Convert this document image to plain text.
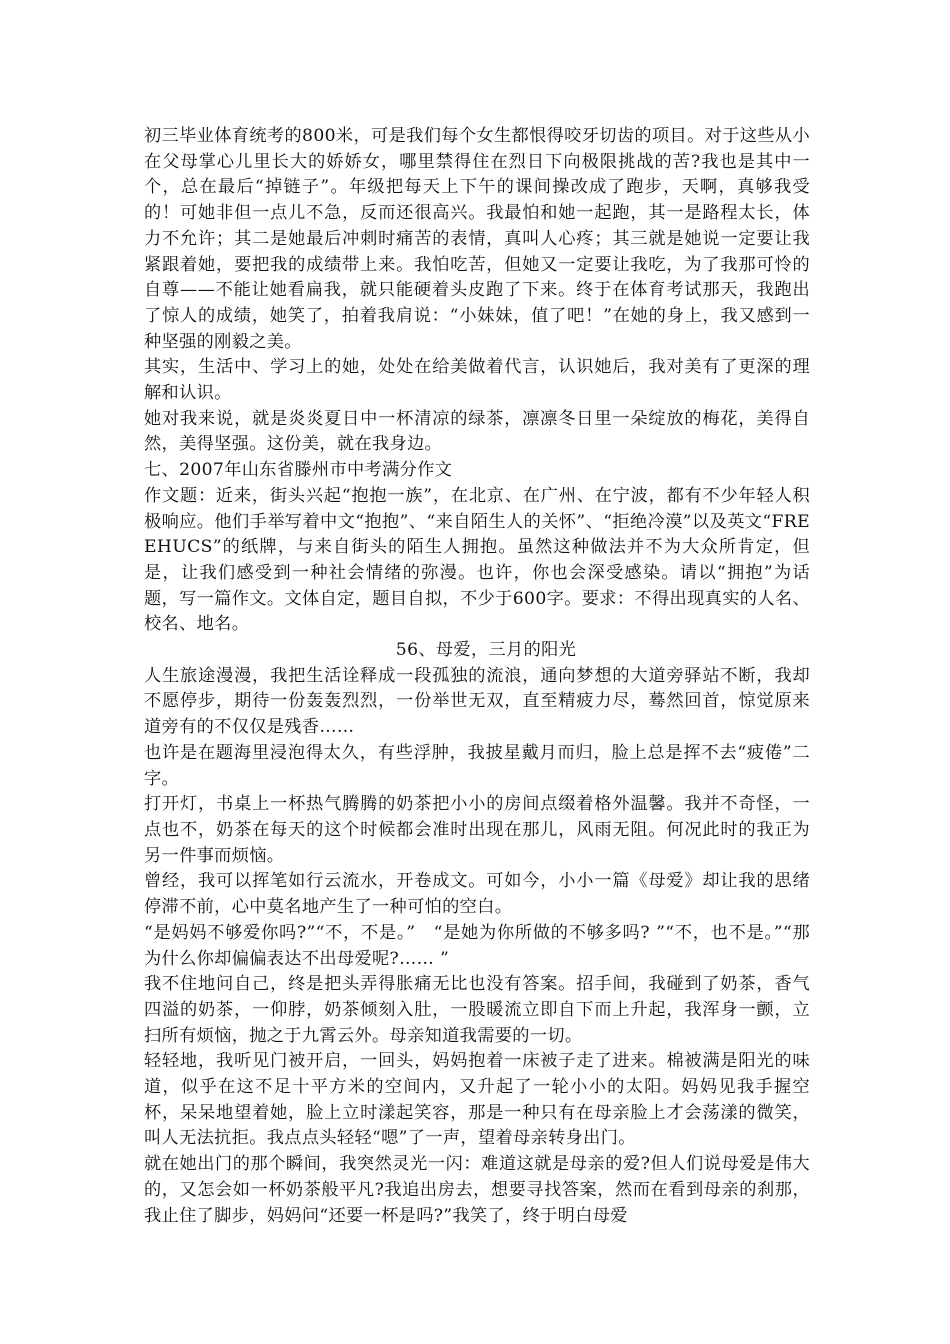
初三毕业体育统考的800米，可是我们每个女生都恨得咬牙切齿的项目。对于这些从小在父母掌心儿里长大的娇娇女，哪里禁得住在烈日下向极限挑战的苦?我也是其中一个，总在最后“掉链子”。年级把每天上下午的课间操改成了跑步，天啊，真够我受的！可她非但一点儿不急，反而还很高兴。我最怕和她一起跑，其一是路程太长，体力不允许；其二是她最后冲刺时痛苦的表情，真叫人心疼；其三就是她说一定要让我紧跟着她，要把我的成绩带上来。我怕吃苦，但她又一定要让我吃，为了我那可怜的自尊——不能让她看扁我，就只能硬着头皮跑了下来。终于在体育考试那天，我跑出了惊人的成绩，她笑了，拍着我肩说：“小妹妹，值了吧！”在她的身上，我又感到一种坚强的刚毅之美。

其实，生活中、学习上的她，处处在给美做着代言，认识她后，我对美有了更深的理解和认识。

她对我来说，就是炎炎夏日中一杯清凉的绿茶，凛凛冬日里一朵绽放的梅花，美得自然，美得坚强。这份美，就在我身边。

七、2007年山东省滕州市中考满分作文

作文题：近来，街头兴起“抱抱一族”，在北京、在广州、在宁波，都有不少年轻人积极响应。他们手举写着中文“抱抱”、“来自陌生人的关怀”、“拒绝冷漠”以及英文“FREEHUCS”的纸牌，与来自街头的陌生人拥抱。虽然这种做法并不为大众所肯定，但是，让我们感受到一种社会情绪的弥漫。也许，你也会深受感染。请以“拥抱”为话题，写一篇作文。文体自定，题目自拟，不少于600字。要求：不得出现真实的人名、校名、地名。

56、母爱，三月的阳光

人生旅途漫漫，我把生活诠释成一段孤独的流浪，通向梦想的大道旁驿站不断，我却不愿停步，期待一份轰轰烈烈，一份举世无双，直至精疲力尽，蓦然回首，惊觉原来道旁有的不仅仅是残香……

也许是在题海里浸泡得太久，有些浮肿，我披星戴月而归，脸上总是挥不去“疲倦”二字。

打开灯，书桌上一杯热气腾腾的奶茶把小小的房间点缀着格外温馨。我并不奇怪，一点也不，奶茶在每天的这个时候都会准时出现在那儿，风雨无阻。何况此时的我正为另一件事而烦恼。

曾经，我可以挥笔如行云流水，开卷成文。可如今，小小一篇《母爱》却让我的思绪停滞不前，心中莫名地产生了一种可怕的空白。

“是妈妈不够爱你吗?”“不，不是。”　“是她为你所做的不够多吗? ”“不，也不是。”“那为什么你却偏偏表达不出母爱呢?…… ”

我不住地问自己，终是把头弄得胀痛无比也没有答案。招手间，我碰到了奶茶，香气四溢的奶茶，一仰脖，奶茶倾刻入肚，一股暖流立即自下而上升起，我浑身一颤，立扫所有烦恼，抛之于九霄云外。母亲知道我需要的一切。

轻轻地，我听见门被开启，一回头，妈妈抱着一床被子走了进来。棉被满是阳光的味道，似乎在这不足十平方米的空间内，又升起了一轮小小的太阳。妈妈见我手握空杯，呆呆地望着她，脸上立时漾起笑容，那是一种只有在母亲脸上才会荡漾的微笑，叫人无法抗拒。我点点头轻轻“嗯”了一声，望着母亲转身出门。

就在她出门的那个瞬间，我突然灵光一闪：难道这就是母亲的爱?但人们说母爱是伟大的，又怎会如一杯奶茶般平凡?我追出房去，想要寻找答案，然而在看到母亲的刹那，我止住了脚步，妈妈问“还要一杯是吗?”我笑了，终于明白母爱
